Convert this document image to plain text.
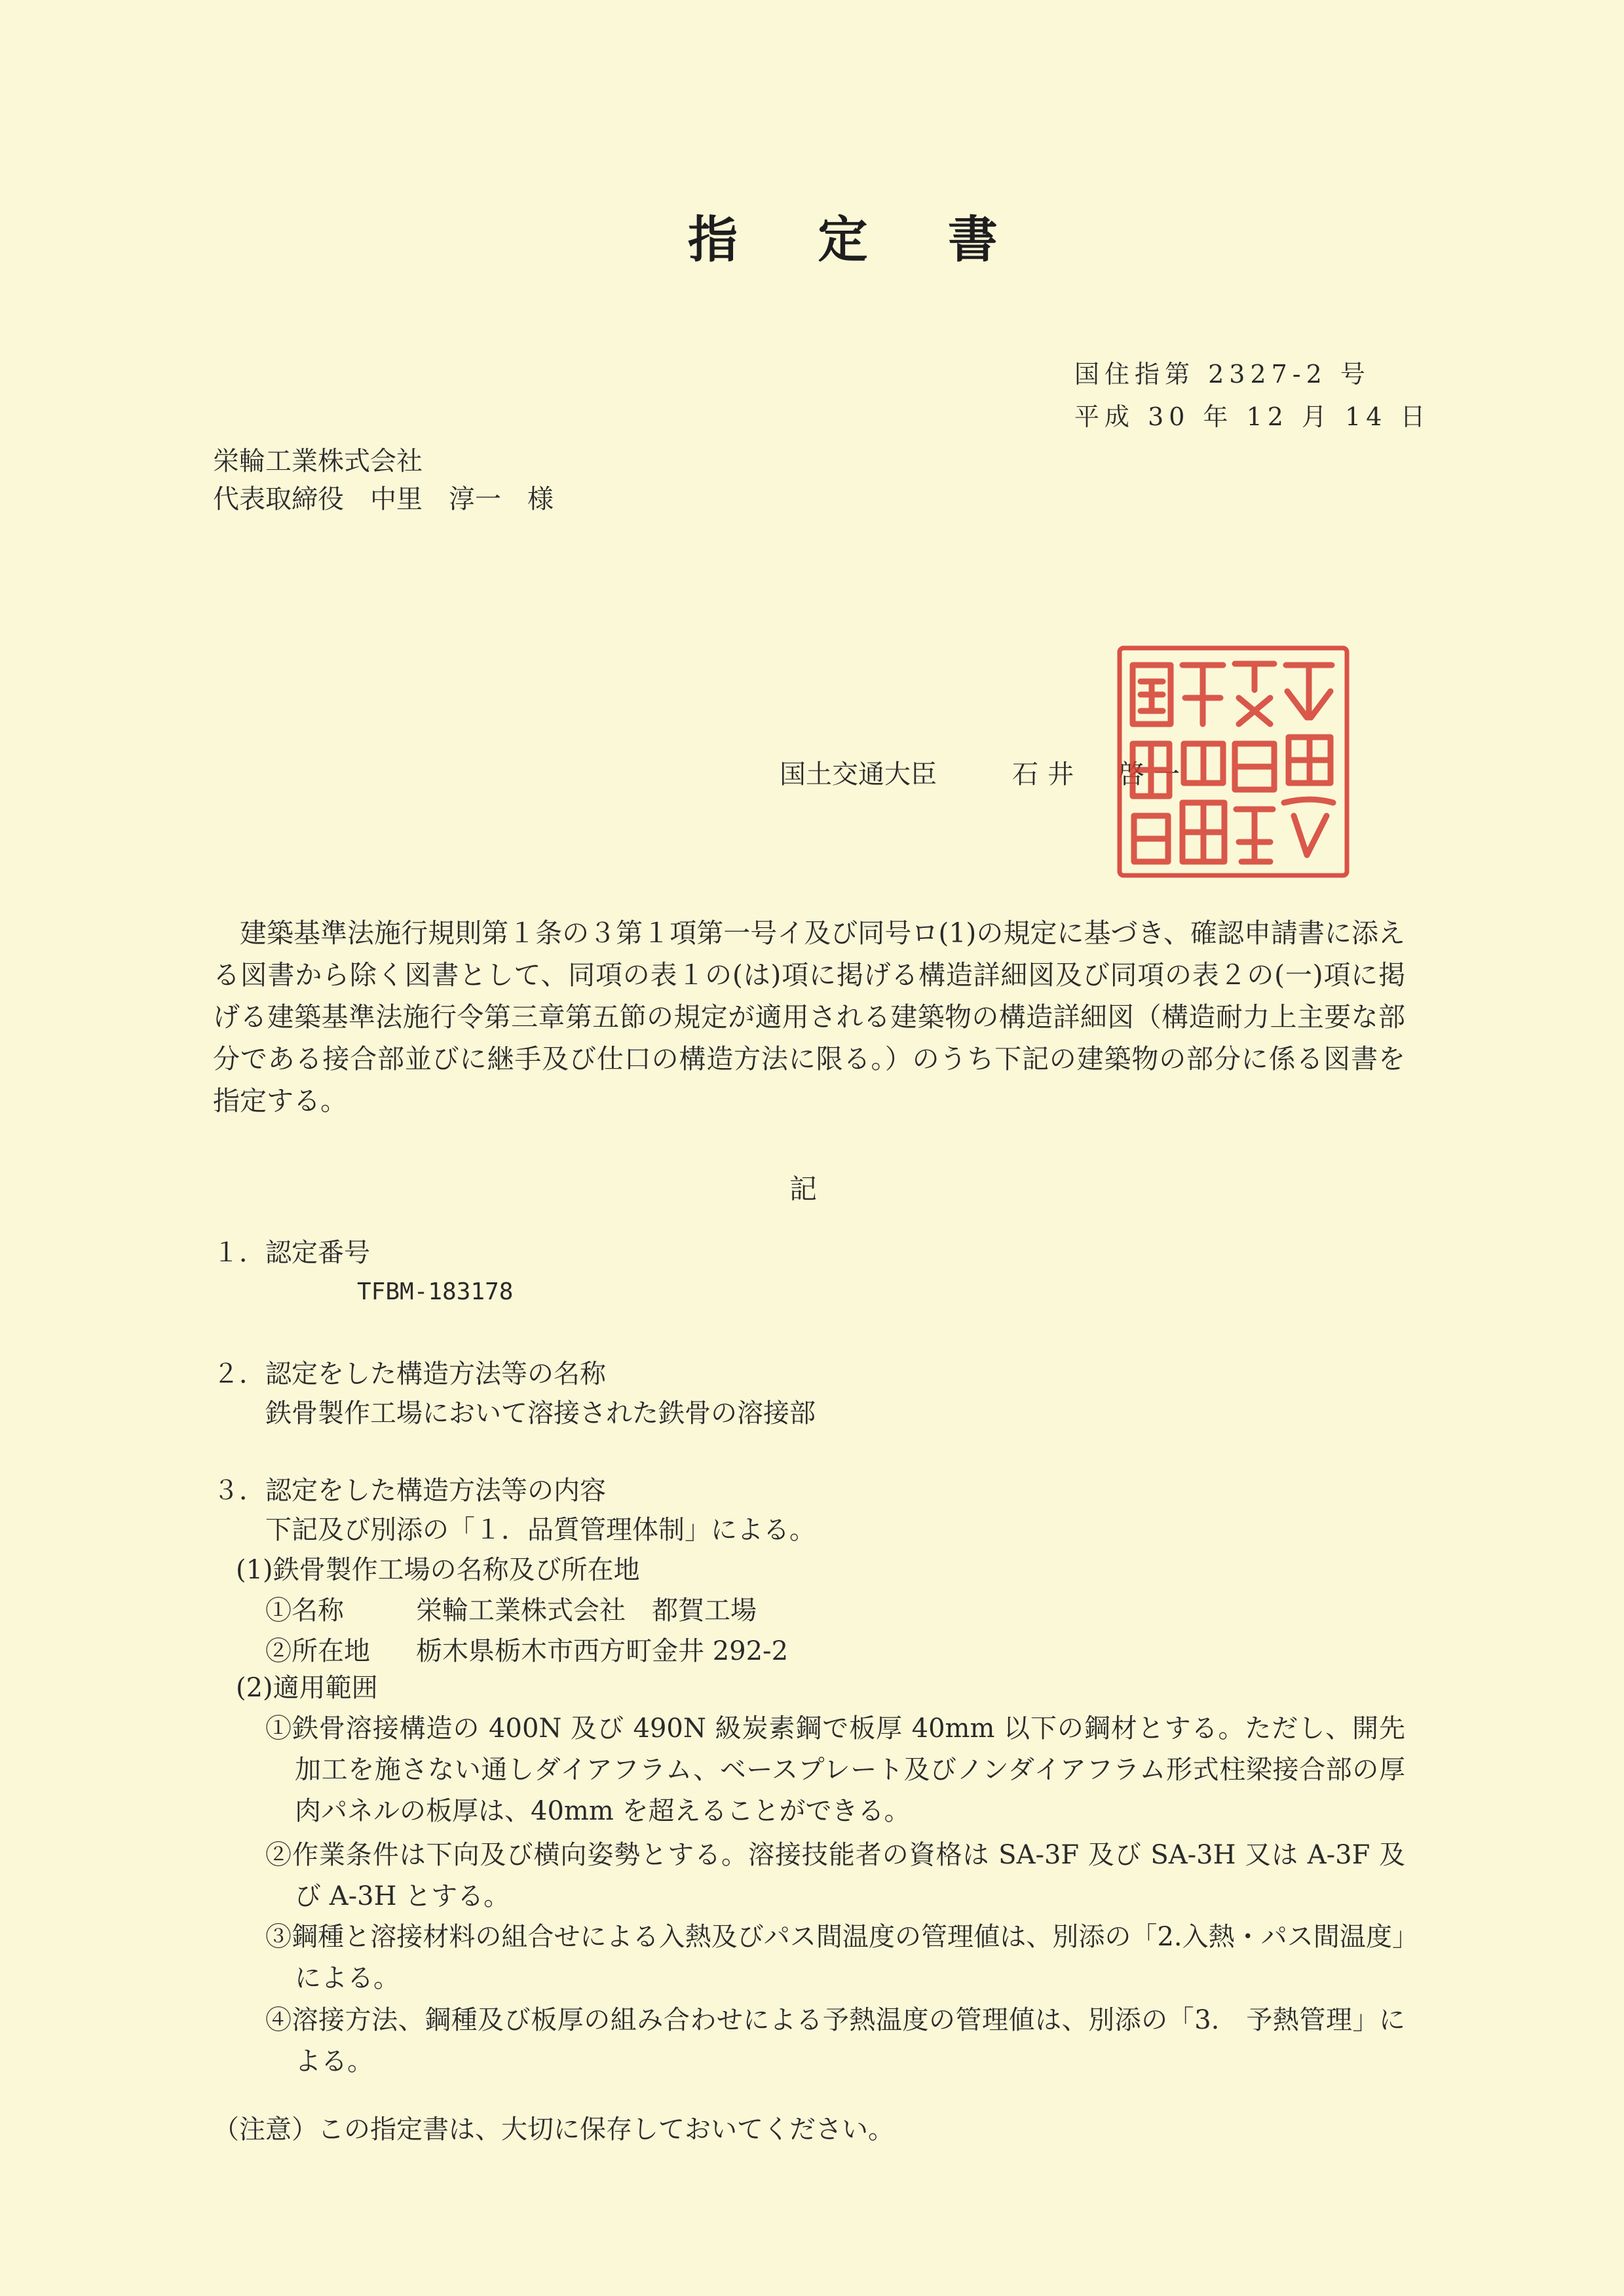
指 定 書

国住指第 2327-2 号

平成 30 年 12 月 14 日

栄輪工業株式会社

代表取締役　中里　淳一　様

国土交通大臣	石井　啓一

国土交通大臣之印
建築基準法施行規則第１条の３第１項第一号イ及び同号ロ(1)の規定に基づき、確認申請書に添える図書から除く図書として、同項の表１の(は)項に掲げる構造詳細図及び同項の表２の(一)項に掲げる建築基準法施行令第三章第五節の規定が適用される建築物の構造詳細図（構造耐力上主要な部分である接合部並びに継手及び仕口の構造方法に限る。）のうち下記の建築物の部分に係る図書を指定する。

記

１．認定番号
TFBM-183178
２．認定をした構造方法等の名称
鉄骨製作工場において溶接された鉄骨の溶接部
３．認定をした構造方法等の内容
下記及び別添の「１．品質管理体制」による。
(1)鉄骨製作工場の名称及び所在地
①名称	栄輪工業株式会社　都賀工場
②所在地 栃木県栃木市西方町金井 292-2
(2)適用範囲
①鉄骨溶接構造の 400N 及び 490N 級炭素鋼で板厚 40mm 以下の鋼材とする。ただし、開先加工を施さない通しダイアフラム、ベースプレート及びノンダイアフラム形式柱梁接合部の厚肉パネルの板厚は、40mm を超えることができる。
②作業条件は下向及び横向姿勢とする。溶接技能者の資格は SA-3F 及び SA-3H 又は A-3F 及び A-3H とする。
③鋼種と溶接材料の組合せによる入熱及びパス間温度の管理値は、別添の「2.入熱・パス間温度」による。
④溶接方法、鋼種及び板厚の組み合わせによる予熱温度の管理値は、別添の「3.　予熱管理」による。

（注意）この指定書は、大切に保存しておいてください。
